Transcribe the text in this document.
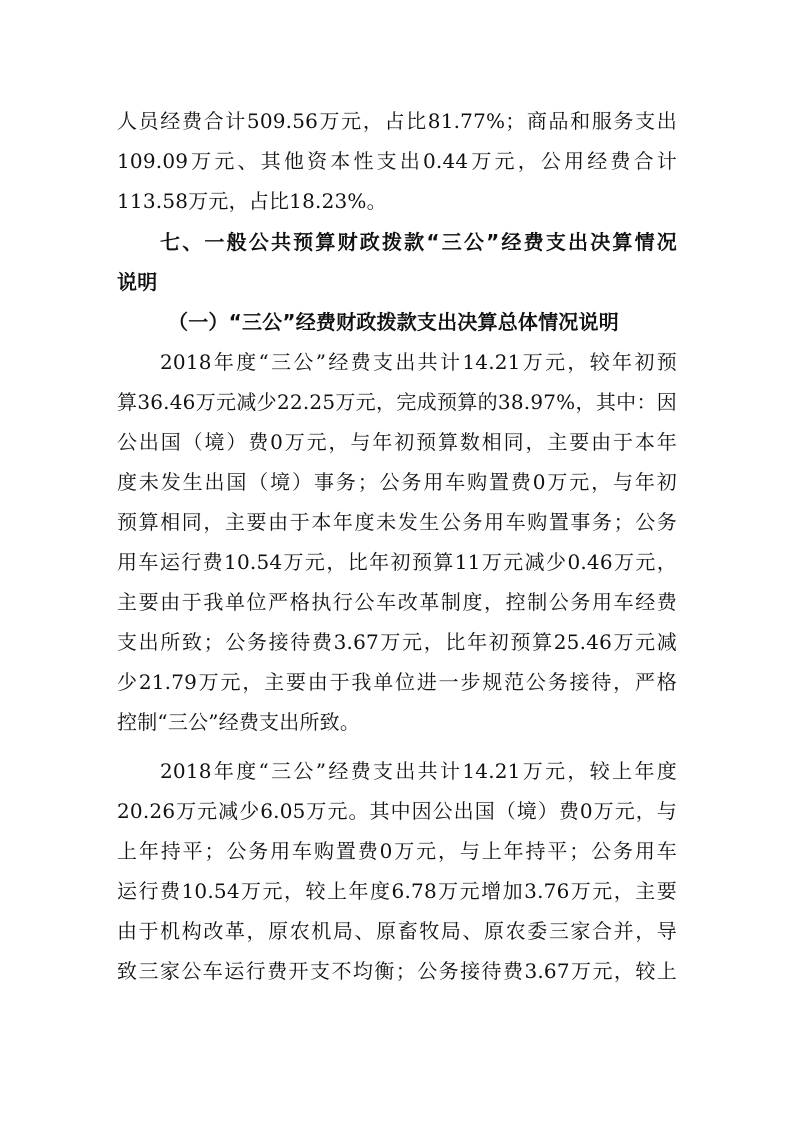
人员经费合计509.56万元，占比81.77%；商品和服务支出
109.09万元、其他资本性支出0.44万元，公用经费合计
113.58万元，占比18.23%。
七、一般公共预算财政拨款“三公”经费支出决算情况
说明
（一）“三公”经费财政拨款支出决算总体情况说明
2018年度“三公”经费支出共计14.21万元，较年初预
算36.46万元减少22.25万元，完成预算的38.97%，其中：因
公出国（境）费0万元，与年初预算数相同，主要由于本年
度未发生出国（境）事务；公务用车购置费0万元，与年初
预算相同，主要由于本年度未发生公务用车购置事务；公务
用车运行费10.54万元，比年初预算11万元减少0.46万元，
主要由于我单位严格执行公车改革制度，控制公务用车经费
支出所致；公务接待费3.67万元，比年初预算25.46万元减
少21.79万元，主要由于我单位进一步规范公务接待，严格
控制“三公”经费支出所致。
2018年度“三公”经费支出共计14.21万元，较上年度
20.26万元减少6.05万元。其中因公出国（境）费0万元，与
上年持平；公务用车购置费0万元，与上年持平；公务用车
运行费10.54万元，较上年度6.78万元增加3.76万元，主要
由于机构改革，原农机局、原畜牧局、原农委三家合并，导
致三家公车运行费开支不均衡；公务接待费3.67万元，较上
